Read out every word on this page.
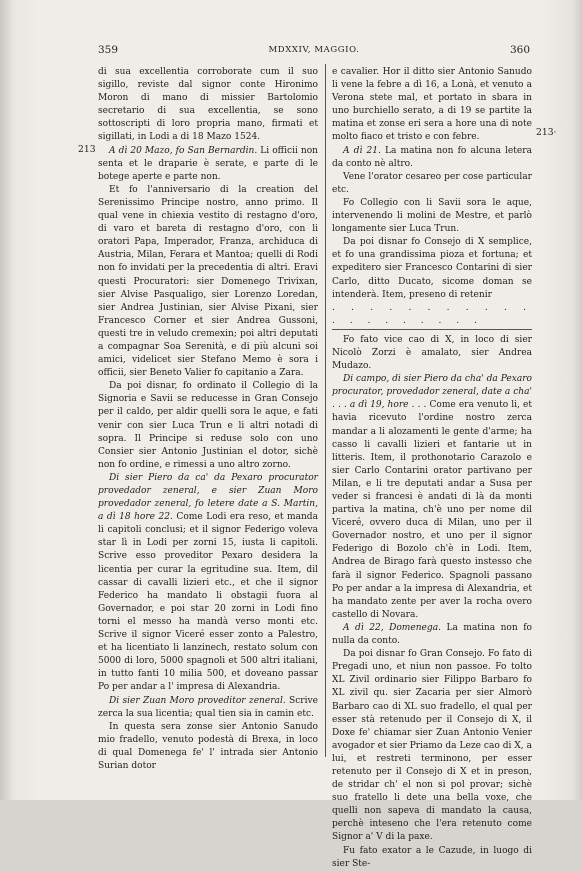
359	MDXXIV, MAGGIO.	360
213
213·

di sua excellentia corroborate cum il suo sigillo, reviste dal signor conte Hironimo Moron di mano di missier Bartolomio secretario di sua excellentia, se sono sottoscripti di loro propria mano, firmati et sigillati, in Lodi a di 18 Mazo 1524.

A dì 20 Mazo, fo San Bernardin. Li officii non senta et le draparie è serate, e parte di le botege aperte e parte non.

Et fo l'anniversario di la creation del Serenissimo Principe nostro, anno primo. Il qual vene in chiexia vestito di restagno d'oro, di varo et bareta di restagno d'oro, con li oratori Papa, Imperador, Franza, archiduca di Austria, Milan, Ferara et Mantoa; quelli di Rodi non fo invidati per la precedentia di altri. Eravi questi Procuratori: sier Domenego Trivixan, sier Alvise Pasqualigo, sier Lorenzo Loredan, sier Andrea Justinian, sier Alvise Pixani, sier Francesco Corner et sier Andrea Gussoni, questi tre in veludo cremexin; poi altri deputati a compagnar Soa Serenità, e di più alcuni soi amici, videlicet sier Stefano Memo è sora i officii, sier Beneto Valier fo capitanio a Zara.

Da poi disnar, fo ordinato il Collegio di la Signoria e Savii se reducesse in Gran Consejo per il caldo, per aldir quelli sora le aque, e fati venir con sier Luca Trun e li altri notadi di sopra. Il Principe si reduse solo con uno Consier sier Antonio Justinian el dotor, sichè non fo ordine, e rimessi a uno altro zorno.

Di sier Piero da ca' da Pexaro procurator provedador zeneral, e sier Zuan Moro provedador zeneral, fo letere date a S. Martin, a dì 18 hore 22. Come Lodi era reso, et manda li capitoli conclusi; et il signor Federigo voleva star lì in Lodi per zorni 15, iusta li capitoli. Scrive esso proveditor Pexaro desidera la licentia per curar la egritudine sua. Item, dil cassar di cavalli lizieri etc., et che il signor Federico ha mandato li obstagii fuora al Governador, e poi star 20 zorni in Lodi fino torni el messo ha mandà verso monti etc. Scrive il signor Viceré esser zonto a Palestro, et ha licentiato li lanzinech, restato solum con 5000 di loro, 5000 spagnoli et 500 altri italiani, in tutto fanti 10 milia 500, et doveano passar Po per andar a l' impresa di Alexandria.

Di sier Zuan Moro proveditor zeneral. Scrive zerca la sua licentia; qual tien sia in camin etc.

In questa sera zonse sier Antonio Sanudo mio fradello, venuto podestà di Brexa, in loco di qual Domenega fe' l' intrada sier Antonio Surian dotor

e cavalier. Hor il ditto sier Antonio Sanudo li vene la febre a dì 16, a Lonà, et venuto a Verona stete mal, et portato in sbara in uno burchiello serato, a di 19 se partite la matina et zonse eri sera a hore una di note molto fiaco et tristo e con febre.

A dì 21. La matina non fo alcuna letera da conto nè altro.

Vene l'orator cesareo per cose particular etc.

Fo Collegio con li Savii sora le aque, intervenendo li molini de Mestre, et parlò longamente sier Luca Trun.

Da poi disnar fo Consejo di X semplice, et fo una grandissima pioza et fortuna; et expeditero sier Francesco Contarini di sier Carlo, ditto Ducato, sicome doman se intenderà. Item, preseno di retenir

. . . . . . . . . . . . . . . . . . . .

Fo fato vice cao di X, in loco di sier Nicolò Zorzi è amalato, sier Andrea Mudazo.

Di campo, di sier Piero da cha' da Pexaro procurator, provedador zeneral, date a cha' . . . a dì 19, hore . . . Come era venuto li, et havia ricevuto l'ordine nostro zerca mandar a li alozamenti le gente d'arme; ha casso li cavalli lizieri et fantarie ut in litteris. Item, il prothonotario Carazolo e sier Carlo Contarini orator partivano per Milan, e li tre deputati andar a Susa per veder si francesi è andati di là da monti partiva la matina, ch'è uno per nome dil Viceré, ovvero duca di Milan, uno per il Governador nostro, et uno per il signor Federigo di Bozolo ch'è in Lodi. Item, Andrea de Birago farà questo instesso che farà il signor Federico. Spagnoli passano Po per andar a la impresa di Alexandria, et ha mandato zente per aver la rocha overo castello di Novara.

A dì 22, Domenega. La matina non fo nulla da conto.

Da poi disnar fo Gran Consejo. Fo fato di Pregadi uno, et niun non passoe. Fo tolto XL Zivil ordinario sier Filippo Barbaro fo XL zivil qu. sier Zacaria per sier Almorò Barbaro cao di XL suo fradello, el qual per esser stà retenudo per il Consejo di X, il Doxe fe' chiamar sier Zuan Antonio Venier avogador et sier Priamo da Leze cao di X, a lui, et restreti terminono, per esser retenuto per il Consejo di X et in preson, de stridar ch' el non si pol provar; sichè suo fratello li dete una bella voxe, che quelli non sapeva di mandato la causa, perchè inteseno che l'era retenuto come Signor a' V di la paxe.

Fu fato exator a le Cazude, in luogo di sier Ste-
